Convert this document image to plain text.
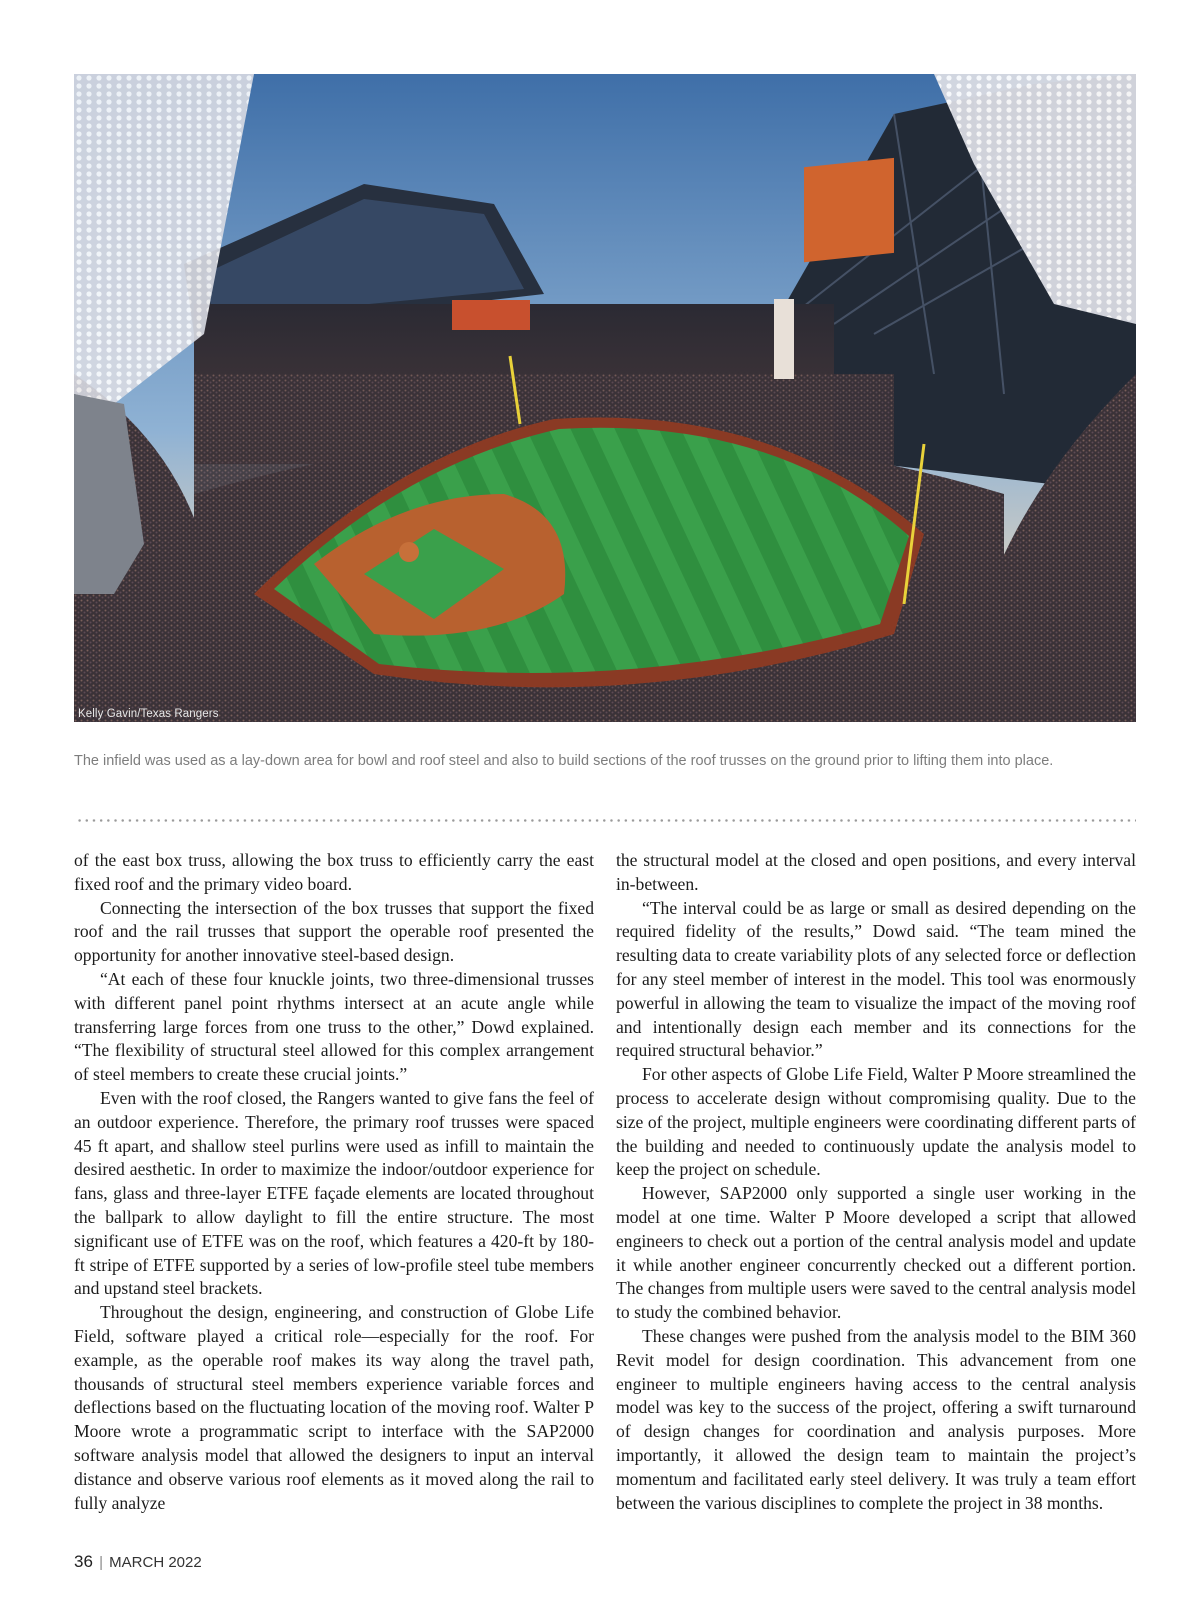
Kelly Gavin/Texas Rangers
The infield was used as a lay-down area for bowl and roof steel and also to build sections of the roof trusses on the ground prior to lifting them into place.

of the east box truss, allowing the box truss to efficiently carry the east fixed roof and the primary video board.

Connecting the intersection of the box trusses that support the fixed roof and the rail trusses that support the operable roof presented the opportunity for another innovative steel-based design.

“At each of these four knuckle joints, two three-dimensional trusses with different panel point rhythms intersect at an acute angle while transferring large forces from one truss to the other,” Dowd explained. “The flexibility of structural steel allowed for this complex arrangement of steel members to create these crucial joints.”

Even with the roof closed, the Rangers wanted to give fans the feel of an outdoor experience. Therefore, the primary roof trusses were spaced 45 ft apart, and shallow steel purlins were used as infill to maintain the desired aesthetic. In order to maximize the indoor/​outdoor experience for fans, glass and three-layer ETFE façade elements are located throughout the ballpark to allow daylight to fill the entire structure. The most significant use of ETFE was on the roof, which features a 420-ft by 180-ft stripe of ETFE supported by a series of low-profile steel tube members and upstand steel brackets.

Throughout the design, engineering, and construction of Globe Life Field, software played a critical role—especially for the roof. For example, as the operable roof makes its way along the travel path, thousands of structural steel members experience variable forces and deflections based on the fluctuating location of the moving roof. Walter P Moore wrote a programmatic script to interface with the SAP2000 software analysis model that allowed the designers to input an interval distance and observe various roof elements as it moved along the rail to fully analyze

the structural model at the closed and open positions, and every interval in-between.

“The interval could be as large or small as desired depending on the required fidelity of the results,” Dowd said. “The team mined the resulting data to create variability plots of any selected force or deflection for any steel member of interest in the model. This tool was enormously powerful in allowing the team to visualize the impact of the moving roof and intentionally design each member and its connections for the required structural behavior.”

For other aspects of Globe Life Field, Walter P Moore streamlined the process to accelerate design without compromising quality. Due to the size of the project, multiple engineers were coordinating different parts of the building and needed to continuously update the analysis model to keep the project on schedule.

However, SAP2000 only supported a single user working in the model at one time. Walter P Moore developed a script that allowed engineers to check out a portion of the central analysis model and update it while another engineer concurrently checked out a different portion. The changes from multiple users were saved to the central analysis model to study the combined behavior.

These changes were pushed from the analysis model to the BIM 360 Revit model for design coordination. This advancement from one engineer to multiple engineers having access to the central analysis model was key to the success of the project, offering a swift turnaround of design changes for coordination and analysis purposes. More importantly, it allowed the design team to maintain the project’s momentum and facilitated early steel delivery. It was truly a team effort between the various disciplines to complete the project in 38 months.

36 | MARCH 2022
